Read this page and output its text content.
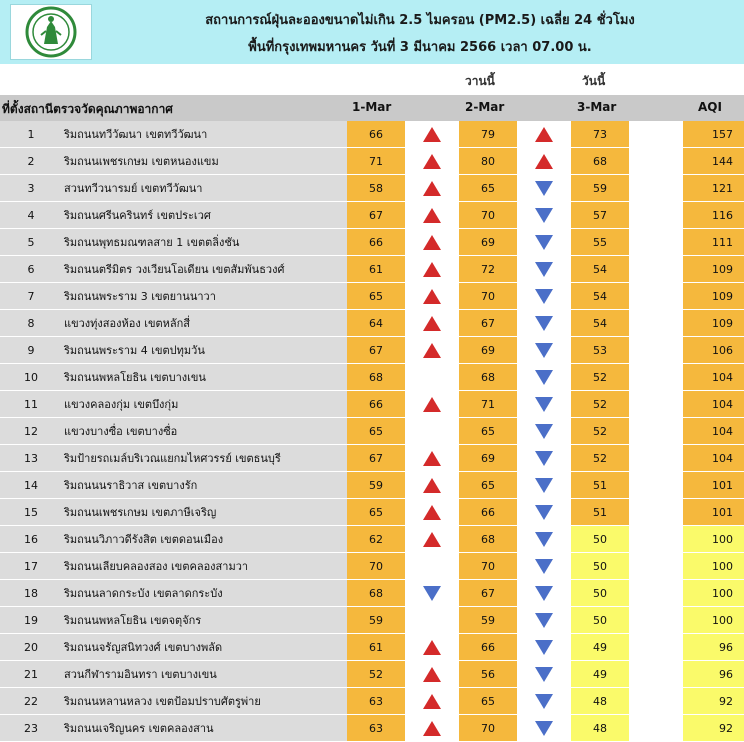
สถานการณ์ฝุ่นละอองขนาดไม่เกิน 2.5 ไมครอน (PM2.5) เฉลี่ย 24 ชั่วโมง
พื้นที่กรุงเทพมหานคร วันที่ 3 มีนาคม 2566 เวลา 07.00 น.
วานนี้	วันนี้
ที่ตั้งสถานีตรวจวัดคุณภาพอากาศ	1-Mar	2-Mar	3-Mar	AQI
1	ริมถนนทวีวัฒนา เขตทวีวัฒนา	66		79		73		157
2	ริมถนนเพชรเกษม เขตหนองแขม	71		80		68		144
3	สวนทวีวนารมย์ เขตทวีวัฒนา	58		65		59		121
4	ริมถนนศรีนครินทร์ เขตประเวศ	67		70		57		116
5	ริมถนนพุทธมณฑลสาย 1 เขตตลิ่งชัน	66		69		55		111
6	ริมถนนตรีมิตร วงเวียนโอเดียน เขตสัมพันธวงศ์	61		72		54		109
7	ริมถนนพระราม 3 เขตยานนาวา	65		70		54		109
8	แขวงทุ่งสองห้อง เขตหลักสี่	64		67		54		109
9	ริมถนนพระราม 4 เขตปทุมวัน	67		69		53		106
10	ริมถนนพหลโยธิน เขตบางเขน	68		68		52		104
11	แขวงคลองกุ่ม เขตบึงกุ่ม	66		71		52		104
12	แขวงบางซื่อ เขตบางซื่อ	65		65		52		104
13	ริมป้ายรถเมล์บริเวณแยกมไหศวรรย์ เขตธนบุรี	67		69		52		104
14	ริมถนนนราธิวาส เขตบางรัก	59		65		51		101
15	ริมถนนเพชรเกษม เขตภาษีเจริญ	65		66		51		101
16	ริมถนนวิภาวดีรังสิต เขตดอนเมือง	62		68		50		100
17	ริมถนนเลียบคลองสอง เขตคลองสามวา	70		70		50		100
18	ริมถนนลาดกระบัง เขตลาดกระบัง	68		67		50		100
19	ริมถนนพหลโยธิน เขตจตุจักร	59		59		50		100
20	ริมถนนจรัญสนิทวงศ์ เขตบางพลัด	61		66		49		96
21	สวนกีฬารามอินทรา เขตบางเขน	52		56		49		96
22	ริมถนนหลานหลวง เขตป้อมปราบศัตรูพ่าย	63		65		48		92
23	ริมถนนเจริญนคร เขตคลองสาน	63		70		48		92
